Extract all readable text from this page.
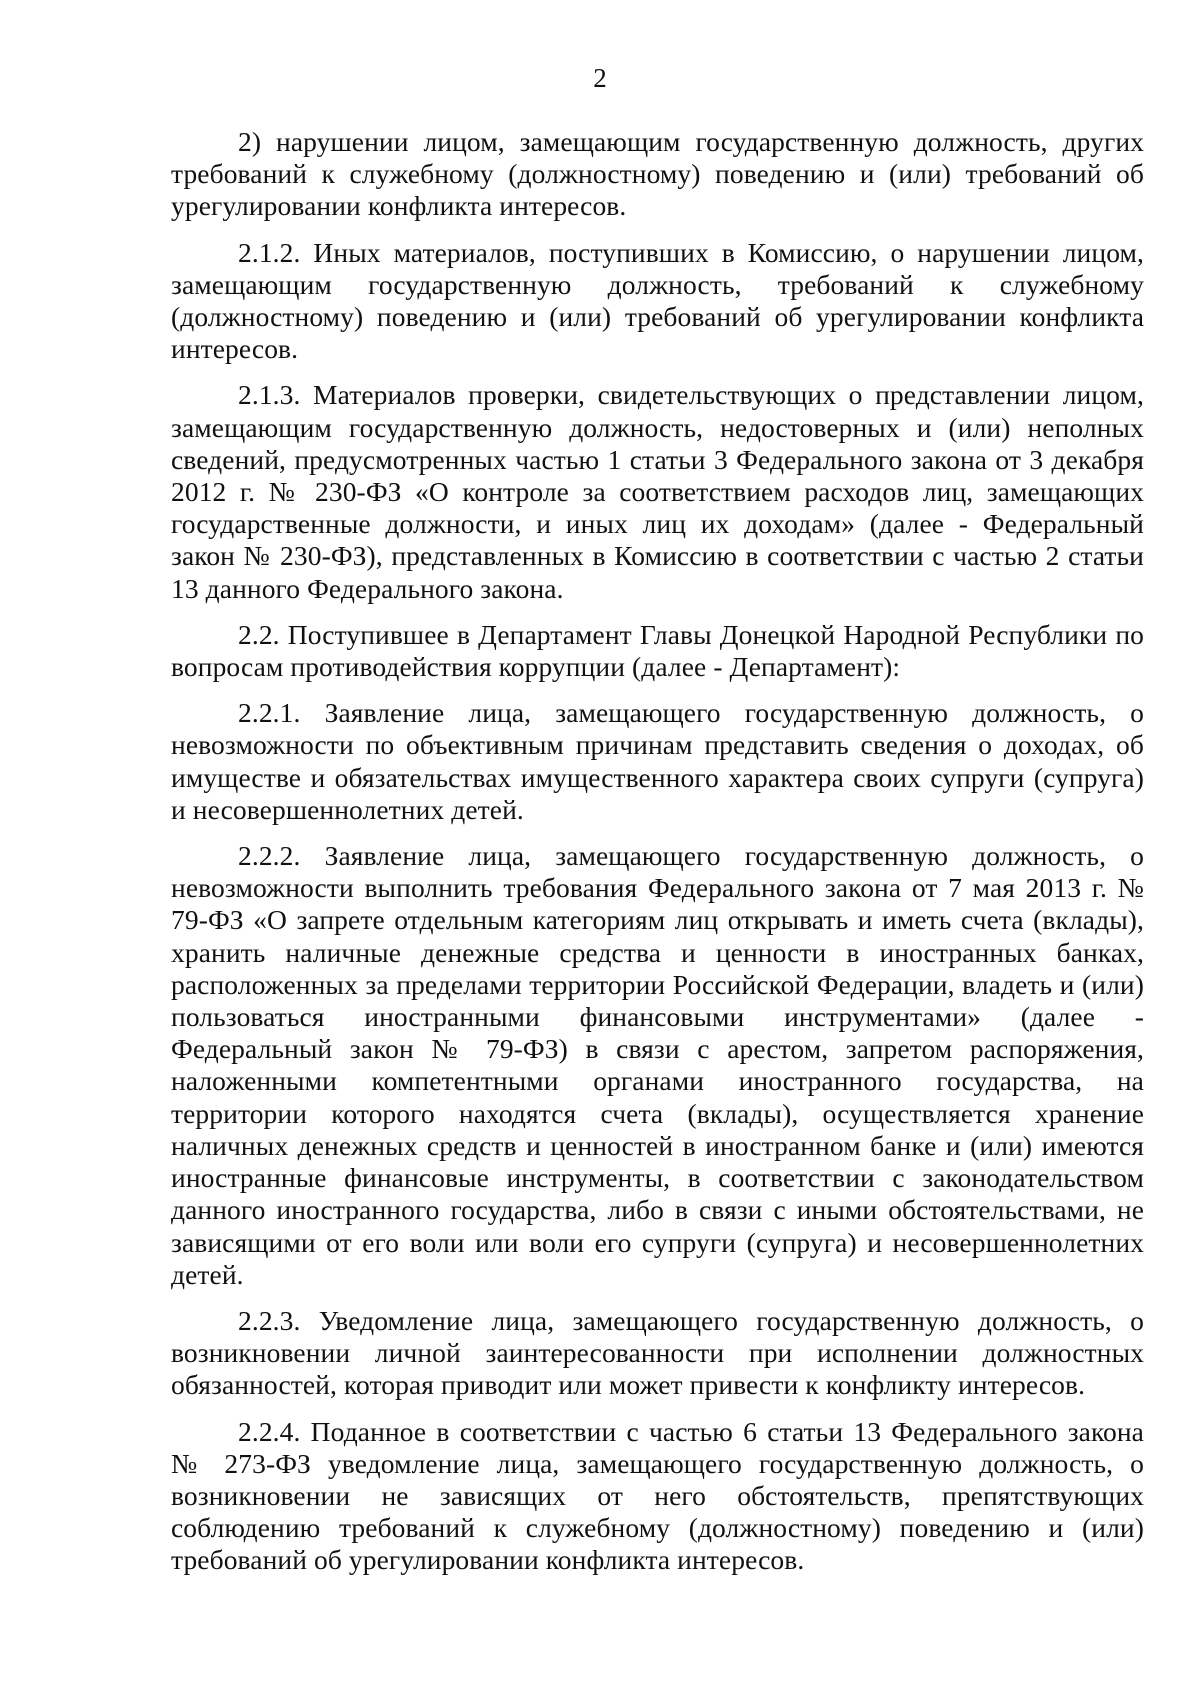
2

2) нарушении лицом, замещающим государственную должность, других требований к служебному (должностному) поведению и (или) требований об урегулировании конфликта интересов.

2.1.2. Иных материалов, поступивших в Комиссию, о нарушении лицом, замещающим государственную должность, требований к служебному (должностному) поведению и (или) требований об урегулировании конфликта интересов.

2.1.3. Материалов проверки, свидетельствующих о представлении лицом, замещающим государственную должность, недостоверных и (или) неполных сведений, предусмотренных частью 1 статьи 3 Федерального закона от 3 декабря 2012 г. № 230-ФЗ «О контроле за соответствием расходов лиц, замещающих государственные должности, и иных лиц их доходам» (далее - Федеральный закон № 230-ФЗ), представленных в Комиссию в соответствии с частью 2 статьи 13 данного Федерального закона.

2.2. Поступившее в Департамент Главы Донецкой Народной Республики по вопросам противодействия коррупции (далее - Департамент):

2.2.1. Заявление лица, замещающего государственную должность, о невозможности по объективным причинам представить сведения о доходах, об имуществе и обязательствах имущественного характера своих супруги (супруга) и несовершеннолетних детей.

2.2.2. Заявление лица, замещающего государственную должность, о невозможности выполнить требования Федерального закона от 7 мая 2013 г. № 79-ФЗ «О запрете отдельным категориям лиц открывать и иметь счета (вклады), хранить наличные денежные средства и ценности в иностранных банках, расположенных за пределами территории Российской Федерации, владеть и (или) пользоваться иностранными финансовыми инструментами» (далее - Федеральный закон № 79-ФЗ) в связи с арестом, запретом распоряжения, наложенными компетентными органами иностранного государства, на территории которого находятся счета (вклады), осуществляется хранение наличных денежных средств и ценностей в иностранном банке и (или) имеются иностранные финансовые инструменты, в соответствии с законодательством данного иностранного государства, либо в связи с иными обстоятельствами, не зависящими от его воли или воли его супруги (супруга) и несовершеннолетних детей.

2.2.3. Уведомление лица, замещающего государственную должность, о возникновении личной заинтересованности при исполнении должностных обязанностей, которая приводит или может привести к конфликту интересов.

2.2.4. Поданное в соответствии с частью 6 статьи 13 Федерального закона № 273-ФЗ уведомление лица, замещающего государственную должность, о возникновении не зависящих от него обстоятельств, препятствующих соблюдению требований к служебному (должностному) поведению и (или) требований об урегулировании конфликта интересов.
